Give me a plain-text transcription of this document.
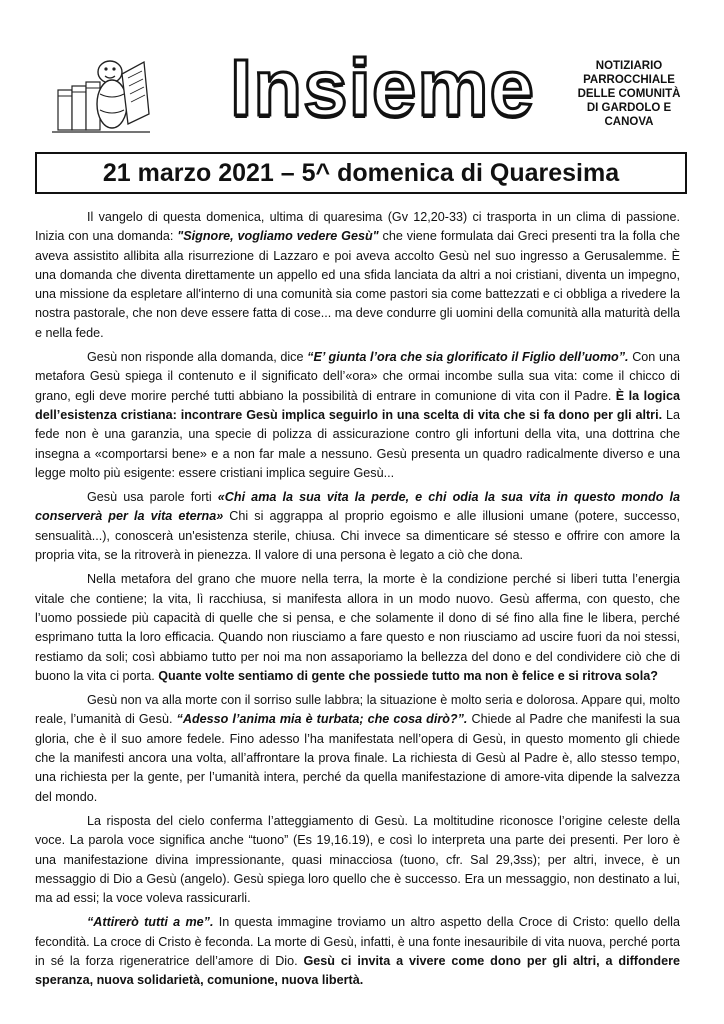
Insieme	NOTIZIARIO
PARROCCHIALE
DELLE COMUNITÀ
DI GARDOLO E
CANOVA
21 marzo 2021 – 5^ domenica di Quaresima

Il vangelo di questa domenica, ultima di quaresima (Gv 12,20-33) ci trasporta in un clima di passione. Inizia con una domanda: "Signore, vogliamo vedere Gesù" che viene formulata dai Greci presenti tra la folla che aveva assistito allibita alla risurrezione di Lazzaro e poi aveva accolto Gesù nel suo ingresso a Gerusalemme. È una domanda che diventa direttamente un appello ed una sfida lanciata da altri a noi cristiani, diventa un impegno, una missione da espletare all'interno di una comunità sia come pastori sia come battezzati e ci obbliga a rivedere la nostra pastorale, che non deve essere fatta di cose... ma deve condurre gli uomini della comunità alla maturità della e nella fede.

Gesù non risponde alla domanda, dice “E’ giunta l’ora che sia glorificato il Figlio dell’uomo”. Con una metafora Gesù spiega il contenuto e il significato dell’«ora» che ormai incombe sulla sua vita: come il chicco di grano, egli deve morire perché tutti abbiano la possibilità di entrare in comunione di vita con il Padre. È la logica dell’esistenza cristiana: incontrare Gesù implica seguirlo in una scelta di vita che si fa dono per gli altri. La fede non è una garanzia, una specie di polizza di assicurazione contro gli infortuni della vita, una dottrina che insegna a «comportarsi bene» e a non far male a nessuno. Gesù presenta un quadro radicalmente diverso e una legge molto più esigente: essere cristiani implica seguire Gesù...

Gesù usa parole forti «Chi ama la sua vita la perde, e chi odia la sua vita in questo mondo la conserverà per la vita eterna» Chi si aggrappa al proprio egoismo e alle illusioni umane (potere, successo, sensualità...), conoscerà un'esistenza sterile, chiusa. Chi invece sa dimenticare sé stesso e offrire con amore la propria vita, se la ritroverà in pienezza. Il valore di una persona è legato a ciò che dona.

Nella metafora del grano che muore nella terra, la morte è la condizione perché si liberi tutta l’energia vitale che contiene; la vita, lì racchiusa, si manifesta allora in un modo nuovo. Gesù afferma, con questo, che l’uomo possiede più capacità di quelle che si pensa, e che solamente il dono di sé fino alla fine le libera, perché esprimano tutta la loro efficacia. Quando non riusciamo a fare questo e non riusciamo ad uscire fuori da noi stessi, restiamo da soli; così abbiamo tutto per noi ma non assaporiamo la bellezza del dono e del condividere ciò che di buono la vita ci porta. Quante volte sentiamo di gente che possiede tutto ma non è felice e si ritrova sola?

Gesù non va alla morte con il sorriso sulle labbra; la situazione è molto seria e dolorosa. Appare qui, molto reale, l’umanità di Gesù. “Adesso l’anima mia è turbata; che cosa dirò?”. Chiede al Padre che manifesti la sua gloria, che è il suo amore fedele. Fino adesso l’ha manifestata nell’opera di Gesù, in questo momento gli chiede che la manifesti ancora una volta, all’affrontare la prova finale. La richiesta di Gesù al Padre è, allo stesso tempo, una richiesta per la gente, per l’umanità intera, perché da quella manifestazione di amore-vita dipende la salvezza del mondo.

La risposta del cielo conferma l’atteggiamento di Gesù. La moltitudine riconosce l’origine celeste della voce. La parola voce significa anche “tuono” (Es 19,16.19), e così lo interpreta una parte dei presenti. Per loro è una manifestazione divina impressionante, quasi minacciosa (tuono, cfr. Sal 29,3ss); per altri, invece, è un messaggio di Dio a Gesù (angelo). Gesù spiega loro quello che è successo. Era un messaggio, non destinato a lui, ma ad essi; la voce voleva rassicurarli.

“Attirerò tutti a me”. In questa immagine troviamo un altro aspetto della Croce di Cristo: quello della fecondità. La croce di Cristo è feconda. La morte di Gesù, infatti, è una fonte inesauribile di vita nuova, perché porta in sé la forza rigeneratrice dell’amore di Dio. Gesù ci invita a vivere come dono per gli altri, a diffondere speranza, nuova solidarietà, comunione, nuova libertà.
